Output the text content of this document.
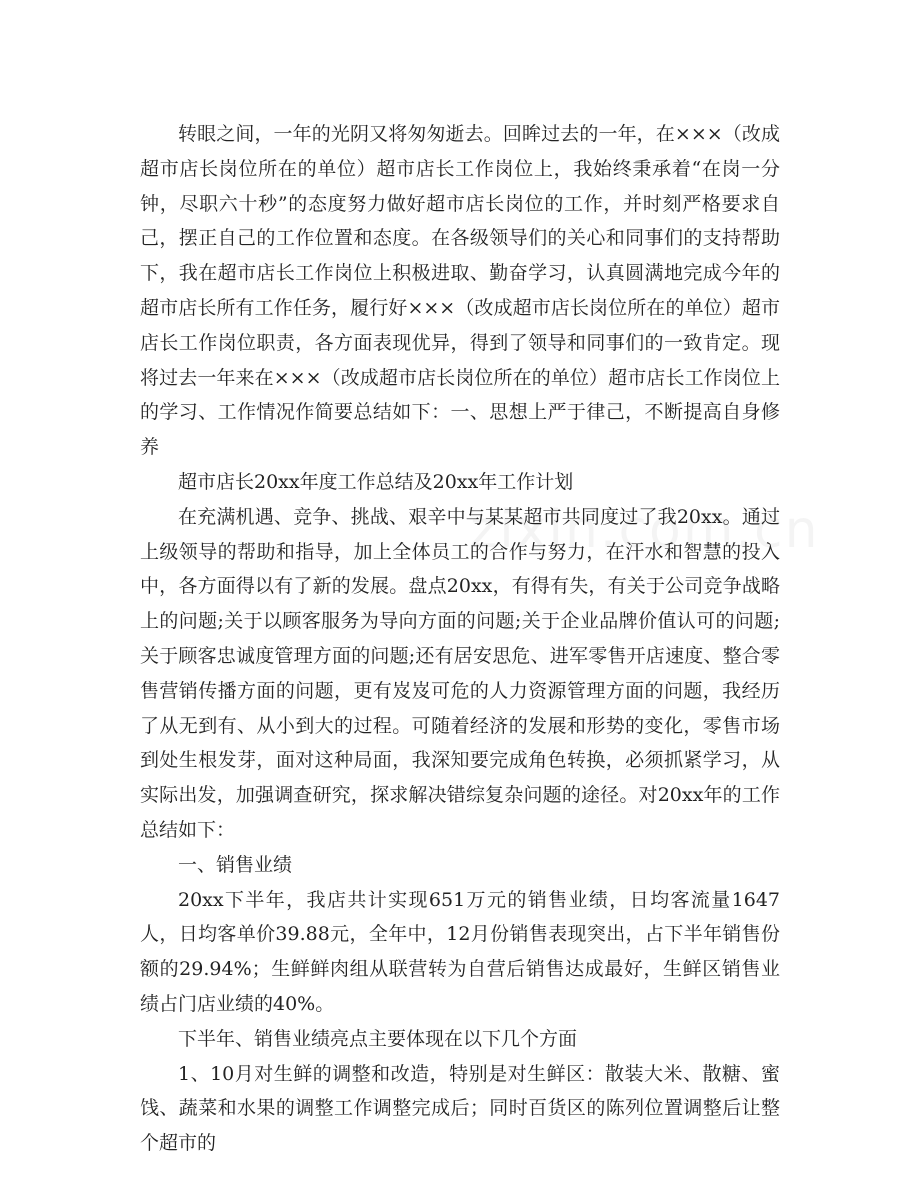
转眼之间，一年的光阴又将匆匆逝去。回眸过去的一年，在×××（改成超市店长岗位所在的单位）超市店长工作岗位上，我始终秉承着“在岗一分钟，尽职六十秒”的态度努力做好超市店长岗位的工作，并时刻严格要求自己，摆正自己的工作位置和态度。在各级领导们的关心和同事们的支持帮助下，我在超市店长工作岗位上积极进取、勤奋学习，认真圆满地完成今年的超市店长所有工作任务，履行好×××（改成超市店长岗位所在的单位）超市店长工作岗位职责，各方面表现优异，得到了领导和同事们的一致肯定。现将过去一年来在×××（改成超市店长岗位所在的单位）超市店长工作岗位上的学习、工作情况作简要总结如下：一、思想上严于律己，不断提高自身修养

超市店长20xx年度工作总结及20xx年工作计划

在充满机遇、竞争、挑战、艰辛中与某某超市共同度过了我20xx。通过上级领导的帮助和指导，加上全体员工的合作与努力，在汗水和智慧的投入中，各方面得以有了新的发展。盘点20xx，有得有失，有关于公司竞争战略上的问题;关于以顾客服务为导向方面的问题;关于企业品牌价值认可的问题;关于顾客忠诚度管理方面的问题;还有居安思危、进军零售开店速度、整合零售营销传播方面的问题，更有岌岌可危的人力资源管理方面的问题，我经历了从无到有、从小到大的过程。可随着经济的发展和形势的变化，零售市场到处生根发芽，面对这种局面，我深知要完成角色转换，必须抓紧学习，从实际出发，加强调查研究，探求解决错综复杂问题的途径。对20xx年的工作总结如下：

一、销售业绩

20xx下半年，我店共计实现651万元的销售业绩，日均客流量1647人，日均客单价39.88元，全年中，12月份销售表现突出，占下半年销售份额的29.94%；生鲜鲜肉组从联营转为自营后销售达成最好，生鲜区销售业绩占门店业绩的40%。

下半年、销售业绩亮点主要体现在以下几个方面

1、10月对生鲜的调整和改造，特别是对生鲜区：散装大米、散糖、蜜饯、蔬菜和水果的调整工作调整完成后；同时百货区的陈列位置调整后让整个超市的
